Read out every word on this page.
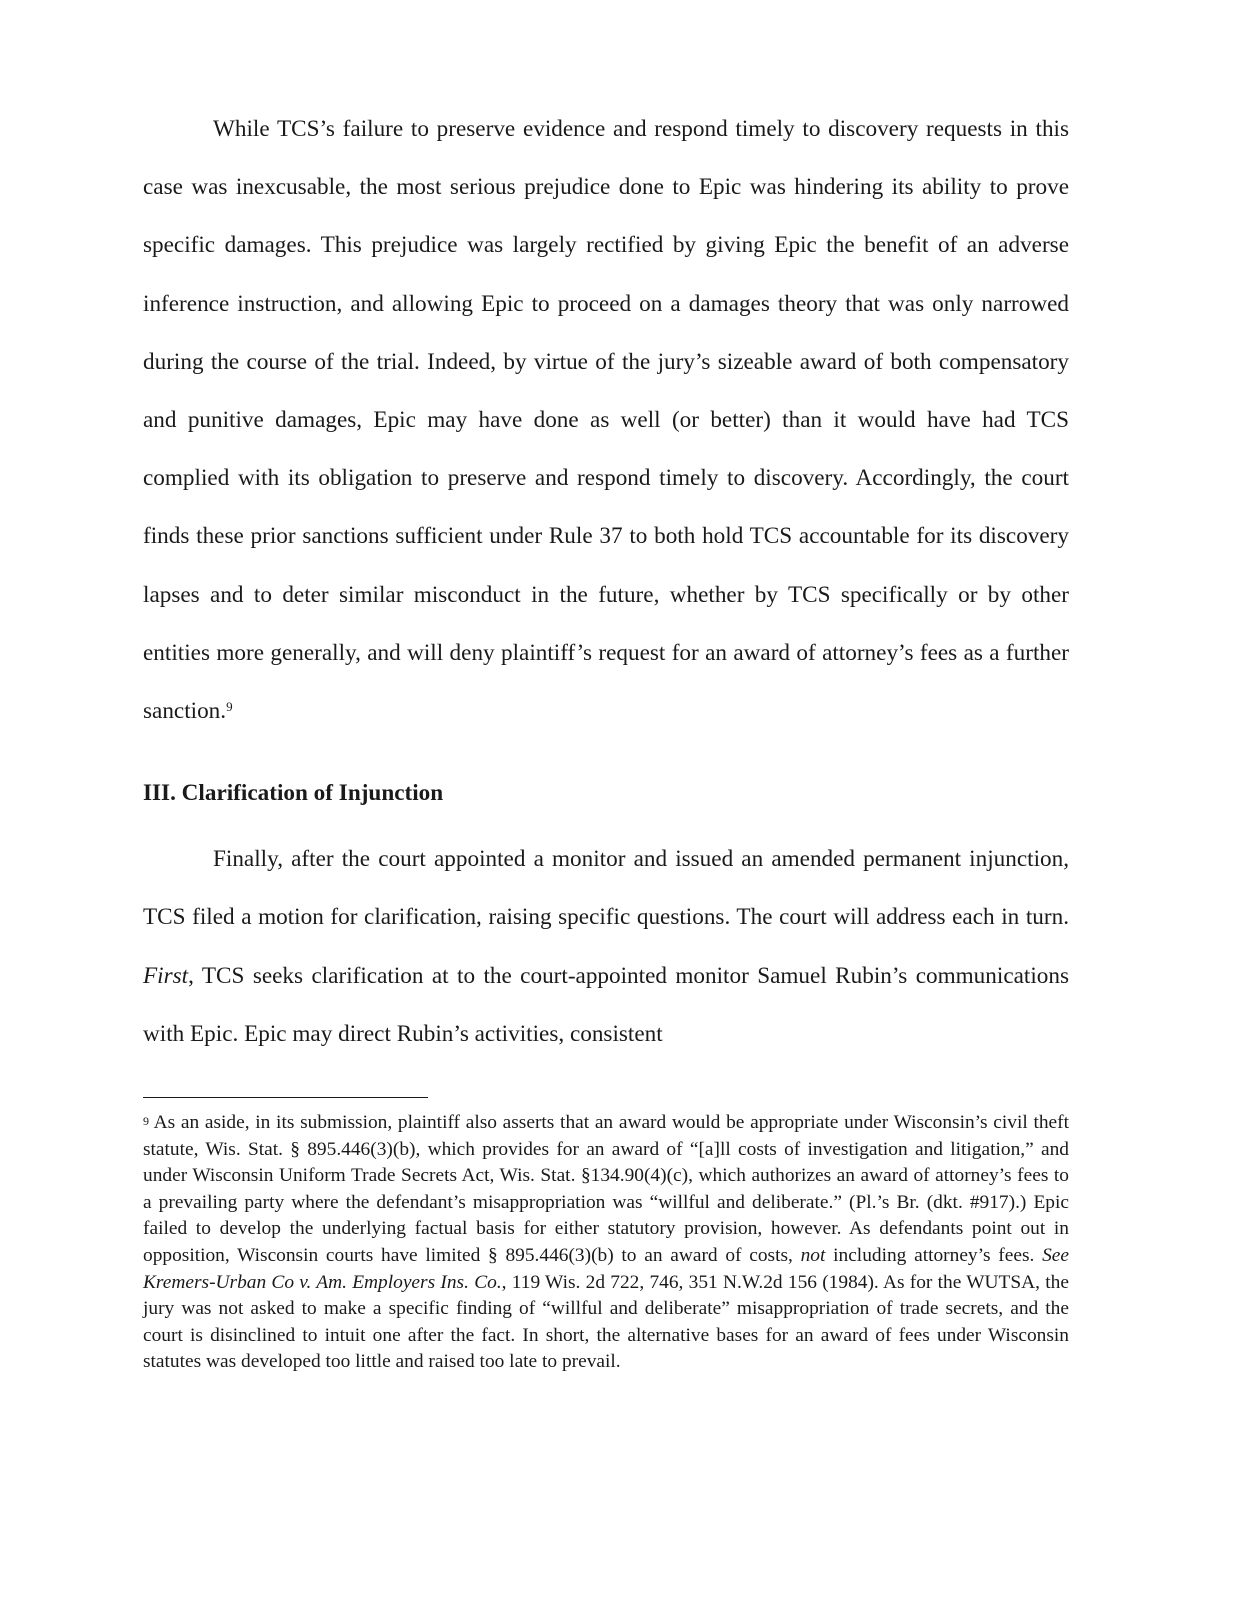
While TCS’s failure to preserve evidence and respond timely to discovery requests in this case was inexcusable, the most serious prejudice done to Epic was hindering its ability to prove specific damages. This prejudice was largely rectified by giving Epic the benefit of an adverse inference instruction, and allowing Epic to proceed on a damages theory that was only narrowed during the course of the trial. Indeed, by virtue of the jury’s sizeable award of both compensatory and punitive damages, Epic may have done as well (or better) than it would have had TCS complied with its obligation to preserve and respond timely to discovery. Accordingly, the court finds these prior sanctions sufficient under Rule 37 to both hold TCS accountable for its discovery lapses and to deter similar misconduct in the future, whether by TCS specifically or by other entities more generally, and will deny plaintiff’s request for an award of attorney’s fees as a further sanction.$^9$

III. Clarification of Injunction

Finally, after the court appointed a monitor and issued an amended permanent injunction, TCS filed a motion for clarification, raising specific questions. The court will address each in turn. First, TCS seeks clarification at to the court-appointed monitor Samuel Rubin’s communications with Epic. Epic may direct Rubin’s activities, consistent

$^9$ As an aside, in its submission, plaintiff also asserts that an award would be appropriate under Wisconsin’s civil theft statute, Wis. Stat. § 895.446(3)(b), which provides for an award of “[a]ll costs of investigation and litigation,” and under Wisconsin Uniform Trade Secrets Act, Wis. Stat. §134.90(4)(c), which authorizes an award of attorney’s fees to a prevailing party where the defendant’s misappropriation was “willful and deliberate.” (Pl.’s Br. (dkt. #917).) Epic failed to develop the underlying factual basis for either statutory provision, however. As defendants point out in opposition, Wisconsin courts have limited § 895.446(3)(b) to an award of costs, not including attorney’s fees. See Kremers-Urban Co v. Am. Employers Ins. Co., 119 Wis. 2d 722, 746, 351 N.W.2d 156 (1984). As for the WUTSA, the jury was not asked to make a specific finding of “willful and deliberate” misappropriation of trade secrets, and the court is disinclined to intuit one after the fact. In short, the alternative bases for an award of fees under Wisconsin statutes was developed too little and raised too late to prevail.
